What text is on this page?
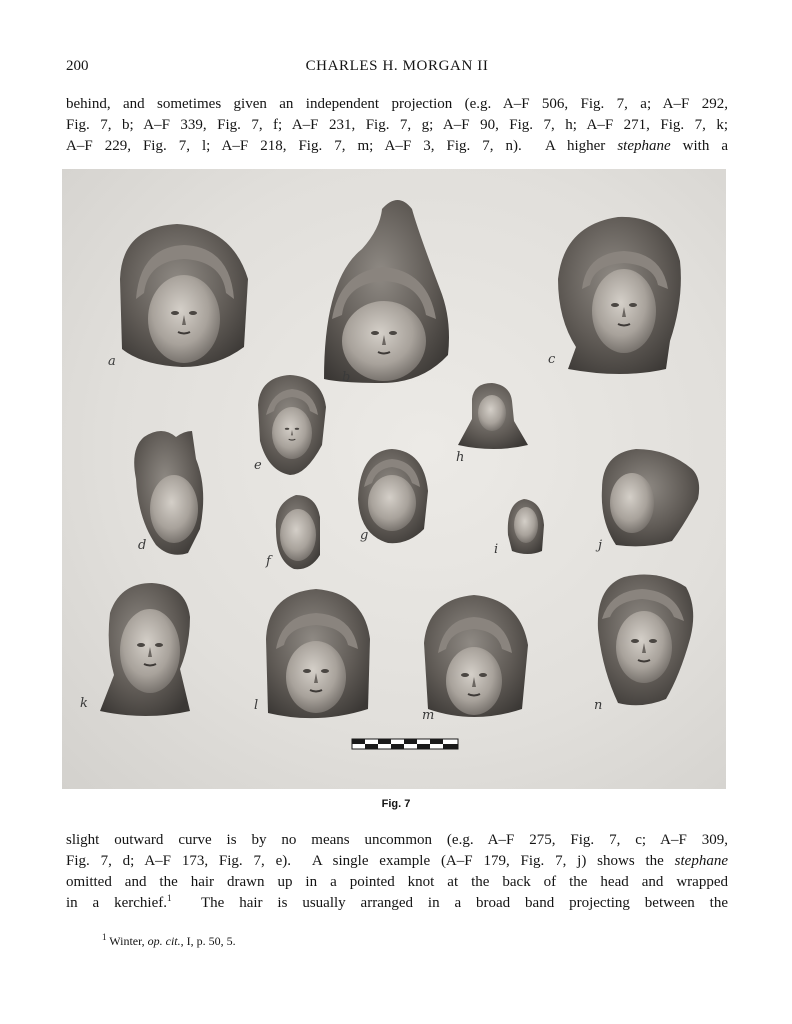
200	CHARLES H. MORGAN II
behind, and sometimes given an independent projection (e.g. A–F 506, Fig. 7, a; A–F 292,
Fig. 7, b; A–F 339, Fig. 7, f; A–F 231, Fig. 7, g; A–F 90, Fig. 7, h; A–F 271, Fig. 7, k;
A–F 229, Fig. 7, l; A–F 218, Fig. 7, m; A–F 3, Fig. 7, n).  A higher stephane with a
a
b
c
e
h
d
f
g
i	j
k	l
m
n
Fig. 7
slight outward curve is by no means uncommon (e.g. A–F 275, Fig. 7, c; A–F 309,
Fig. 7, d; A–F 173, Fig. 7, e).  A single example (A–F 179, Fig. 7, j) shows the stephane
omitted and the hair drawn up in a pointed knot at the back of the head and wrapped
in a kerchief.$^1$  The hair is usually arranged in a broad band projecting between the
$^1$ Winter, op. cit., I, p. 50, 5.
